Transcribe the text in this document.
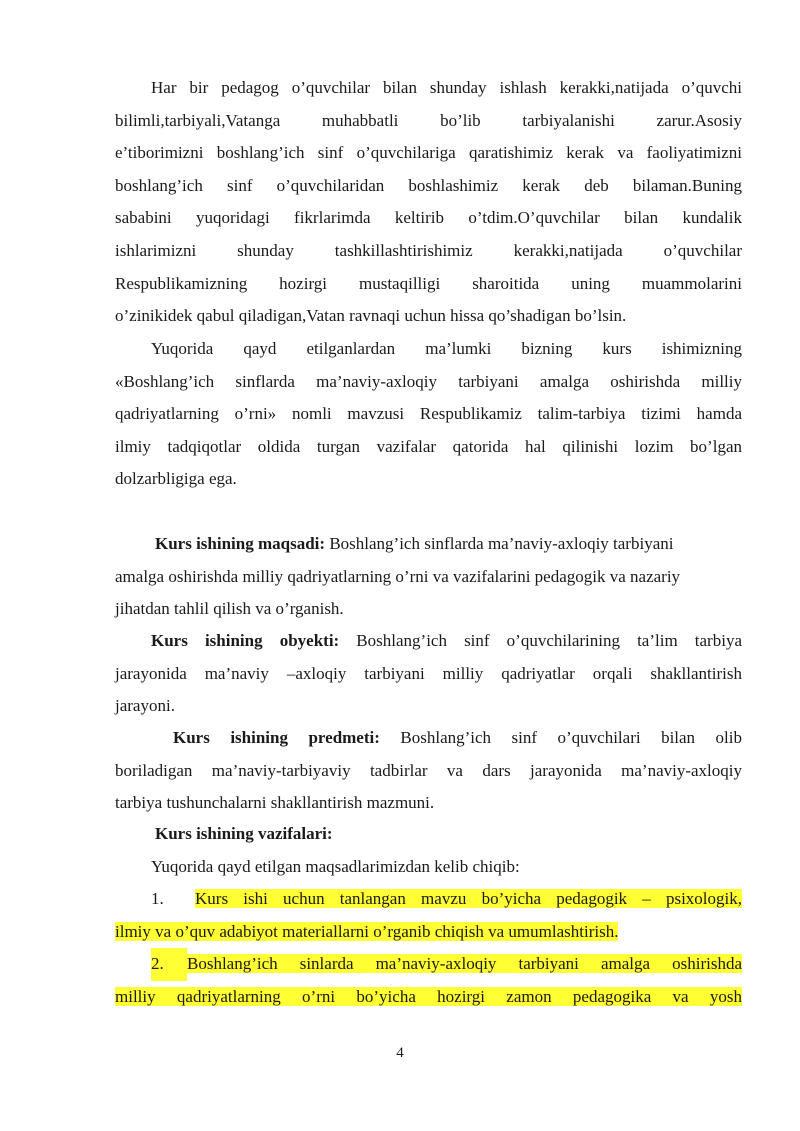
Har bir pedagog o’quvchilar bilan shunday ishlash kerakki,natijada o’quvchi
bilimli,tarbiyali,Vatanga muhabbatli bo’lib tarbiyalanishi zarur.Asosiy
e’tiborimizni boshlang’ich sinf o’quvchilariga qaratishimiz kerak va faoliyatimizni
boshlang’ich sinf o’quvchilaridan boshlashimiz kerak deb bilaman.Buning
sababini yuqoridagi fikrlarimda keltirib o’tdim.O’quvchilar bilan kundalik
ishlarimizni shunday tashkillashtirishimiz kerakki,natijada o’quvchilar
Respublikamizning hozirgi mustaqilligi sharoitida uning muammolarini
o’zinikidek qabul qiladigan,Vatan ravnaqi uchun hissa qo’shadigan bo’lsin.
Yuqorida qayd etilganlardan ma’lumki bizning kurs ishimizning
«Boshlang’ich sinflarda ma’naviy-axloqiy tarbiyani amalga oshirishda milliy
qadriyatlarning o’rni» nomli mavzusi Respublikamiz talim-tarbiya tizimi hamda
ilmiy tadqiqotlar oldida turgan vazifalar qatorida hal qilinishi lozim bo’lgan
dolzarbligiga ega.
Kurs ishining maqsadi: Boshlang’ich sinflarda ma’naviy-axloqiy tarbiyani
amalga oshirishda milliy qadriyatlarning o’rni va vazifalarini pedagogik va nazariy
jihatdan tahlil qilish va o’rganish.
Kurs ishining obyekti: Boshlang’ich sinf o’quvchilarining ta’lim tarbiya
jarayonida ma’naviy –axloqiy tarbiyani milliy qadriyatlar orqali shakllantirish
jarayoni.
Kurs ishining predmeti: Boshlang’ich sinf o’quvchilari bilan olib
boriladigan ma’naviy-tarbiyaviy tadbirlar va dars jarayonida ma’naviy-axloqiy
tarbiya tushunchalarni shakllantirish mazmuni.
Kurs ishining vazifalari:
Yuqorida qayd etilgan maqsadlarimizdan kelib chiqib:
1. Kurs ishi uchun tanlangan mavzu bo’yicha pedagogik – psixologik,
ilmiy va o’quv adabiyot materiallarni o’rganib chiqish va umumlashtirish.
2. Boshlang’ich sinlarda ma’naviy-axloqiy tarbiyani amalga oshirishda
milliy qadriyatlarning o’rni bo’yicha hozirgi zamon pedagogika va yosh
4
